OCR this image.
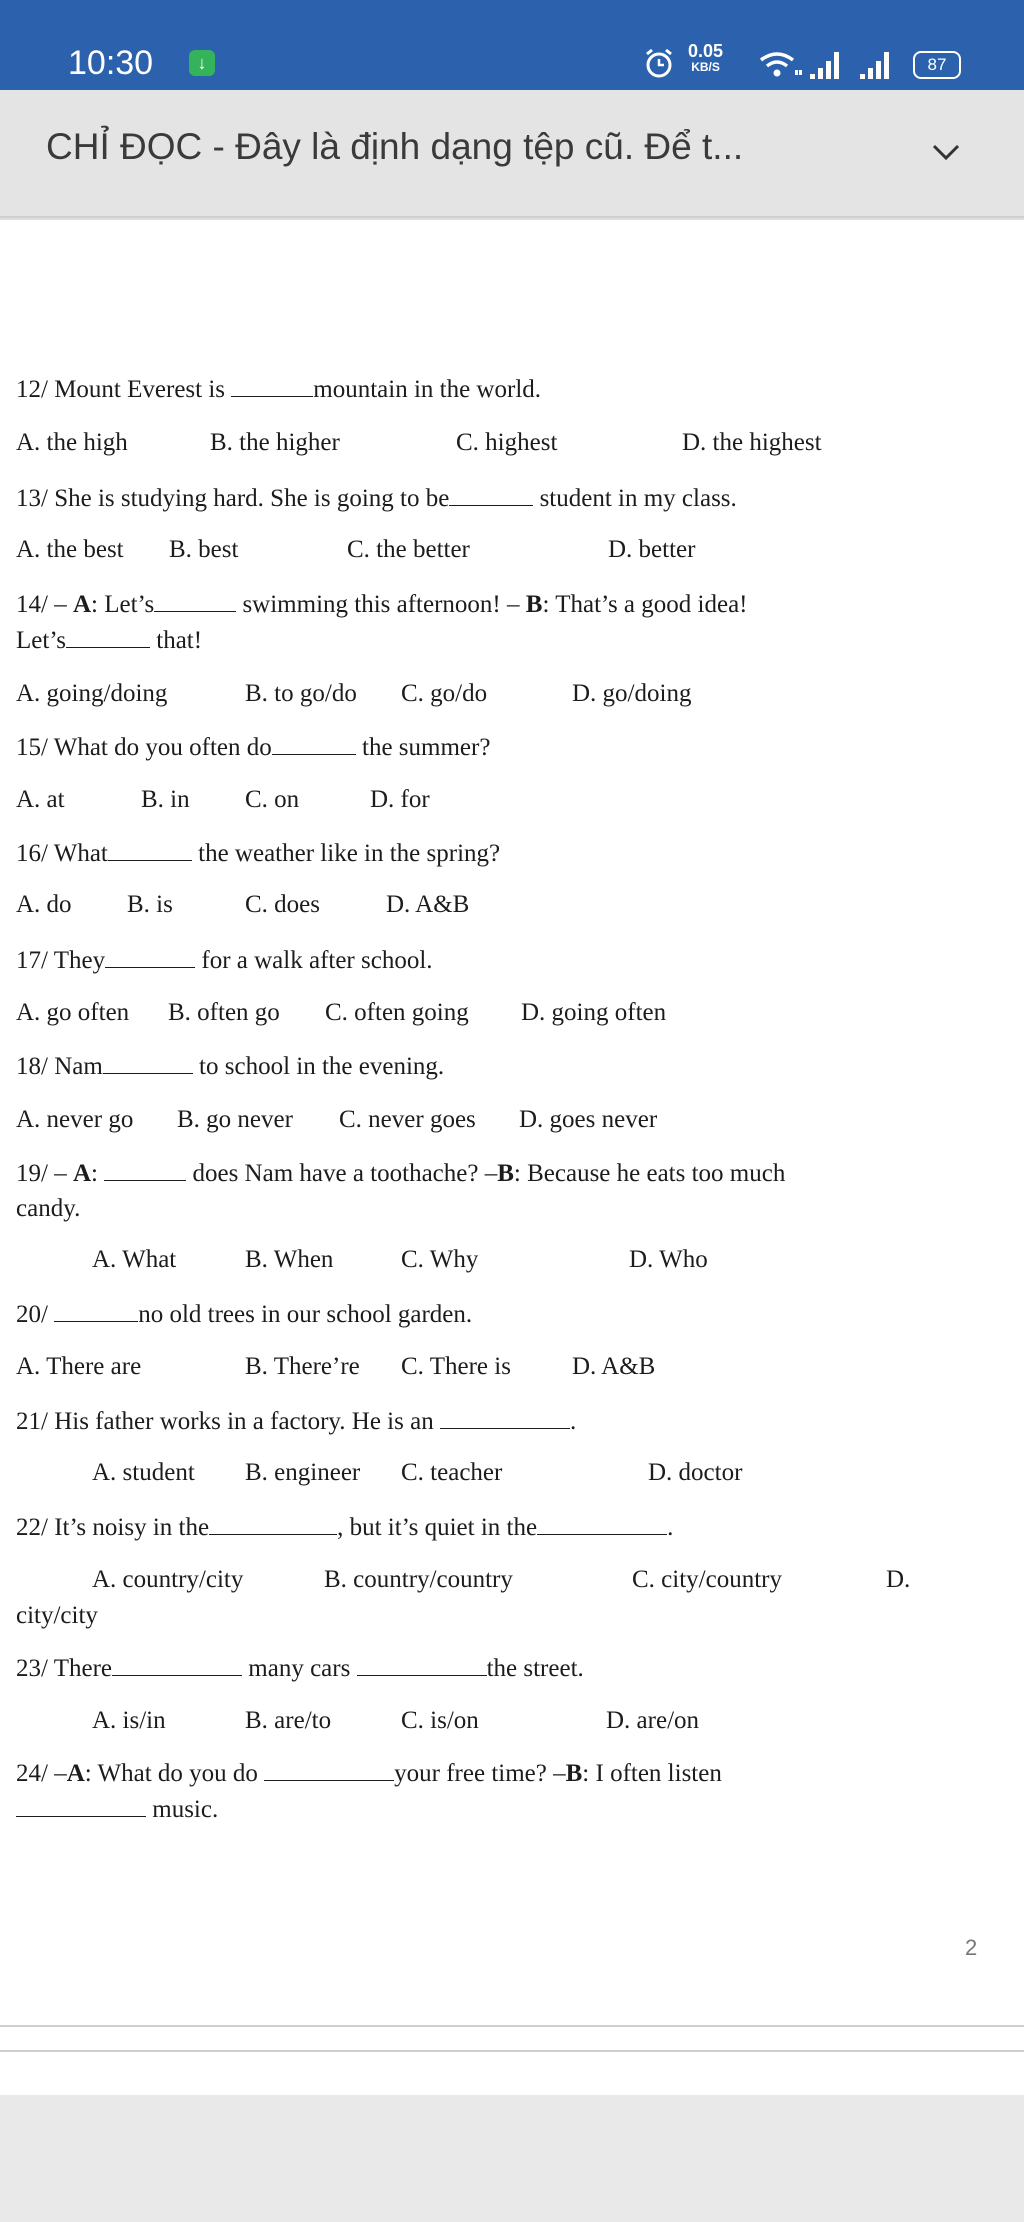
10:30	↓
0.05
KB/S	87
CHỈ ĐỌC - Đây là định dạng tệp cũ. Để t...
12/ Mount Everest is	mountain in the world.
A. the high	B. the higher	C. highest	D. the highest
13/ She is studying hard. She is going to be	student in my class.
A. the best B. best	C. the better	D. better
14/ – A: Let’s	swimming this afternoon! – B: That’s a good idea!
Let’s	that!
A. going/doing	B. to go/do C. go/do	D. go/doing
15/ What do you often do	the summer?
A. at	B. in C. on	D. for
16/ What	the weather like in the spring?
A. do B. is	C. does	D. A&B
17/ They	for a walk after school.
A. go often B. often go C. often going D. going often
18/ Nam	to school in the evening.
A. never go B. go never C. never goes D. goes never
19/ – A:	does Nam have a toothache? –B: Because he eats too much
candy.
A. What	B. When	C. Why	D. Who
20/	no old trees in our school garden.
A. There are	B. There’re C. There is D. A&B
21/ His father works in a factory. He is an	.
A. student B. engineer C. teacher	D. doctor
22/ It’s noisy in the	, but it’s quiet in the	.
A. country/city	B. country/country	C. city/country	D.
city/city
23/ There	many cars	the street.
A. is/in	B. are/to	C. is/on	D. are/on
24/ –A: What do you do	your free time? –B: I often listen
music.
2
